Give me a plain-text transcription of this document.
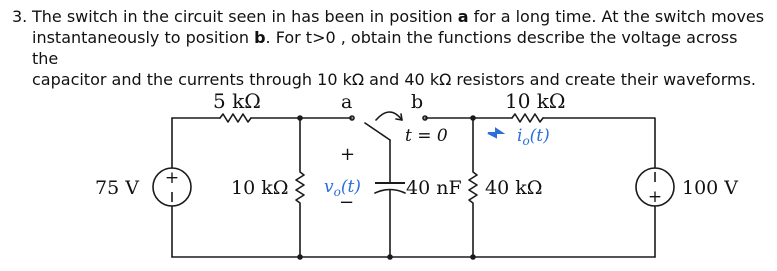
3. The switch in the circuit seen in has been in position a for a long time. At the switch moves
instantaneously to position b. For t>0 , obtain the functions describe the voltage across the
capacitor and the currents through 10 kΩ and 40 kΩ resistors and create their waveforms.
+
+
5 kΩ	a	b	10 kΩ
t = 0
+
−
75 V	10 kΩ	40 nF 40 kΩ	100 V
$v_o(t)$
$i_o(t)$
